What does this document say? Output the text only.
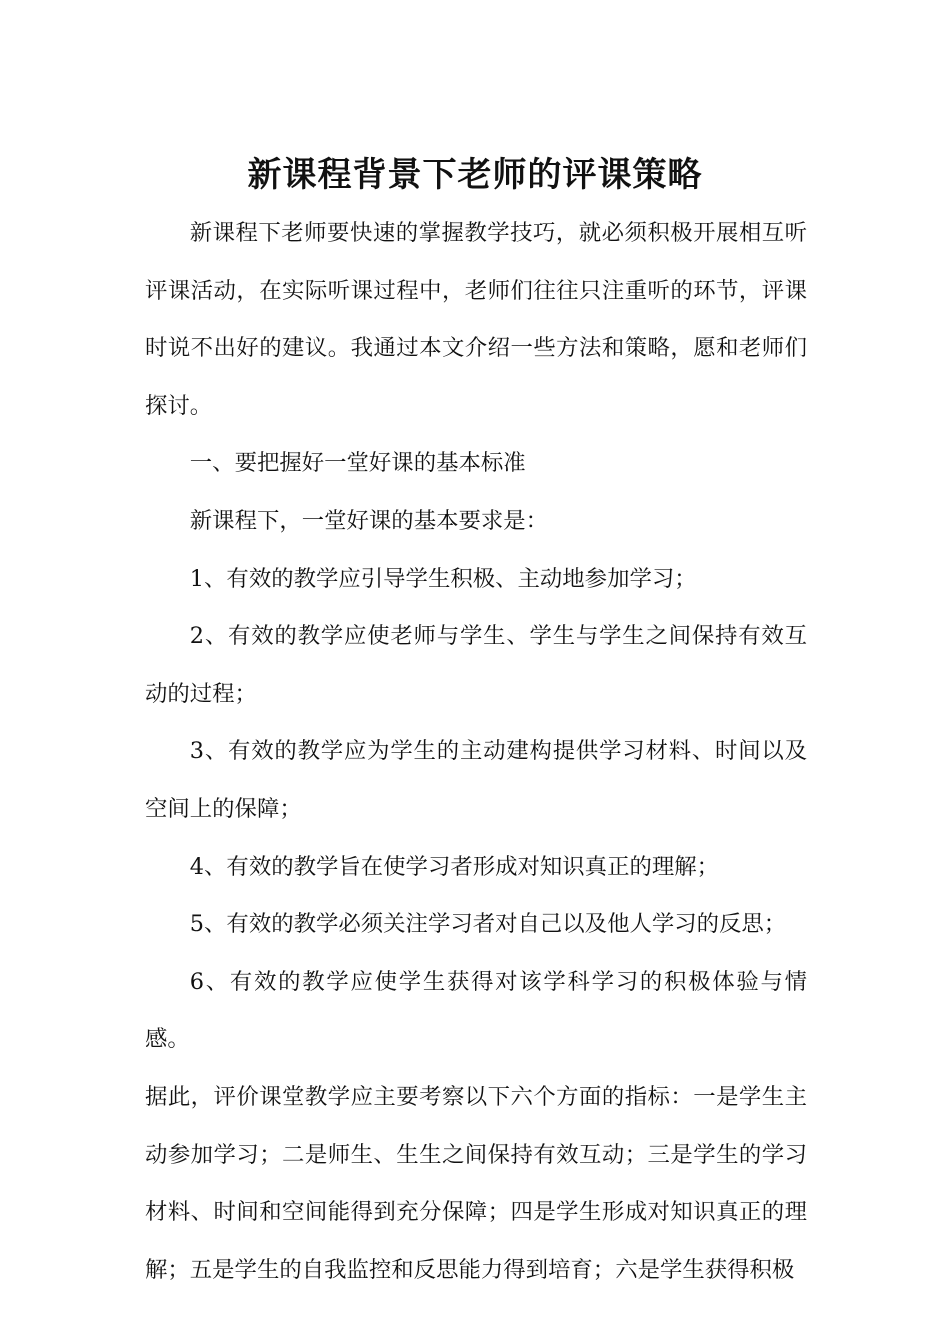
新课程背景下老师的评课策略

新课程下老师要快速的掌握教学技巧，就必须积极开展相互听评课活动，在实际听课过程中，老师们往往只注重听的环节，评课时说不出好的建议。我通过本文介绍一些方法和策略，愿和老师们探讨。

一、要把握好一堂好课的基本标准

新课程下，一堂好课的基本要求是：

1、有效的教学应引导学生积极、主动地参加学习；

2、有效的教学应使老师与学生、学生与学生之间保持有效互动的过程；

3、有效的教学应为学生的主动建构提供学习材料、时间以及空间上的保障；

4、有效的教学旨在使学习者形成对知识真正的理解；

5、有效的教学必须关注学习者对自己以及他人学习的反思；

6、有效的教学应使学生获得对该学科学习的积极体验与情感。

据此，评价课堂教学应主要考察以下六个方面的指标：一是学生主动参加学习；二是师生、生生之间保持有效互动；三是学生的学习材料、时间和空间能得到充分保障；四是学生形成对知识真正的理解；五是学生的自我监控和反思能力得到培育；六是学生获得积极
